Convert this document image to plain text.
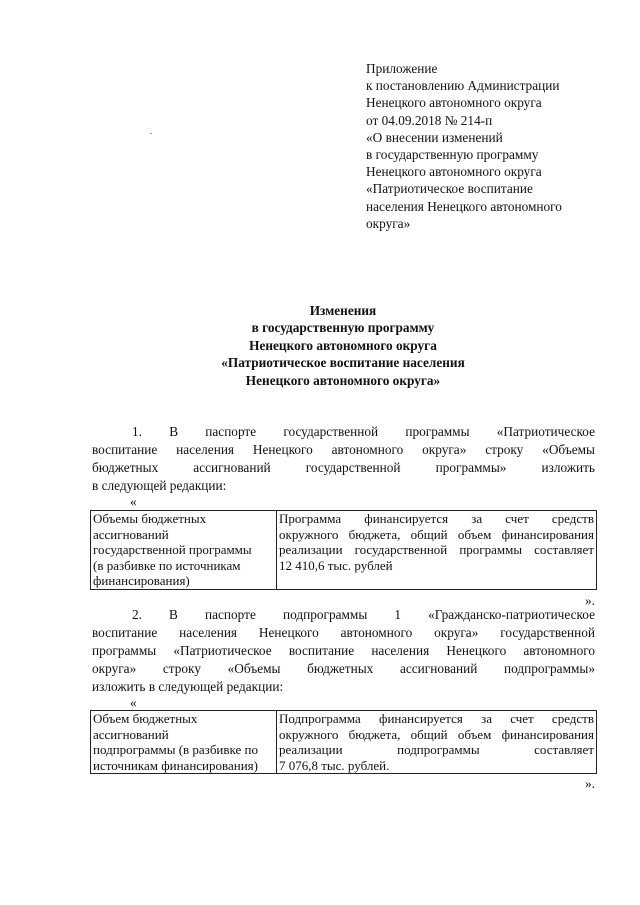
Приложение
к постановлению Администрации
Ненецкого автономного округа
от 04.09.2018 № 214-п
«О внесении изменений
в государственную программу
Ненецкого автономного округа
«Патриотическое воспитание
населения Ненецкого автономного
округа»
Изменения
в государственную программу
Ненецкого автономного округа
«Патриотическое воспитание населения
Ненецкого автономного округа»
1. В паспорте государственной программы «Патриотическое
воспитание населения Ненецкого автономного округа» строку «Объемы
бюджетных ассигнований государственной программы» изложить
в следующей редакции:
«
Объемы бюджетных
ассигнований
государственной программы
(в разбивке по источникам
финансирования)

Программа финансируется за счет средств
окружного бюджета, общий объем финансирования
реализации государственной программы составляет
12 410,6 тыс. рублей
».
2. В паспорте подпрограммы 1 «Гражданско-патриотическое
воспитание населения Ненецкого автономного округа» государственной
программы «Патриотическое воспитание населения Ненецкого автономного
округа» строку «Объемы бюджетных ассигнований подпрограммы»
изложить в следующей редакции:
«
Объем бюджетных
ассигнований
подпрограммы (в разбивке по
источникам финансирования)

Подпрограмма финансируется за счет средств
окружного бюджета, общий объем финансирования
реализации подпрограммы составляет
7 076,8 тыс. рублей.
».
